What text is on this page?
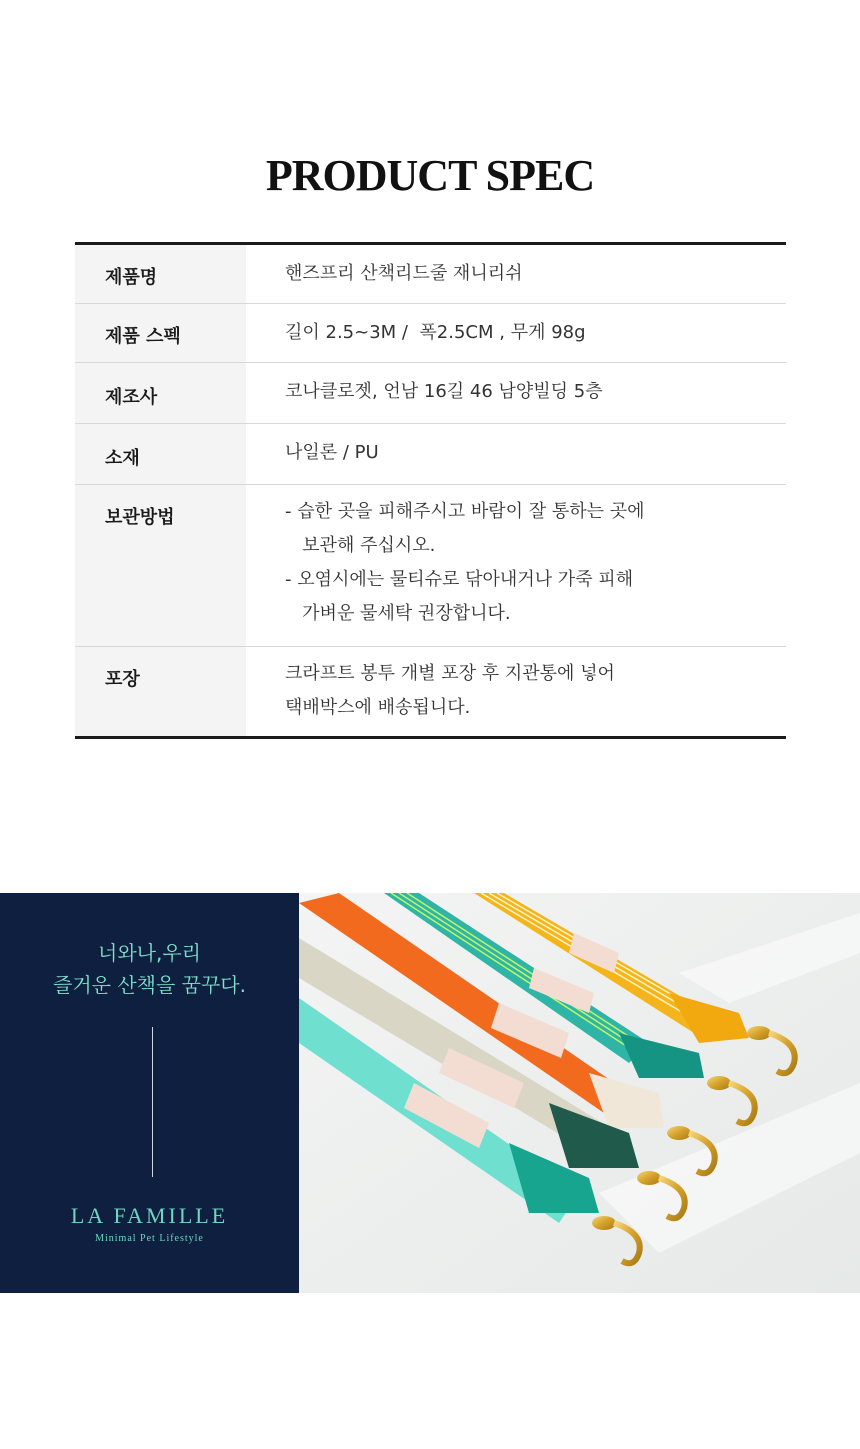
PRODUCT SPEC
제품명	핸즈프리 산책리드줄 재니리쉬
제품 스펙	길이 2.5~3M /  폭2.5CM , 무게 98g
제조사	코나클로젯, 언남 16길 46 남양빌딩 5층
소재	나일론 / PU
보관방법	- 습한 곳을 피해주시고 바람이 잘 통하는 곳에
보관해 주십시오.
- 오염시에는 물티슈로 닦아내거나 가죽 피해
가벼운 물세탁 권장합니다.
포장	크라프트 봉투 개별 포장 후 지관통에 넣어
택배박스에 배송됩니다.
너와나,우리
즐거운 산책을 꿈꾸다.
LA FAMILLE
Minimal Pet Lifestyle
